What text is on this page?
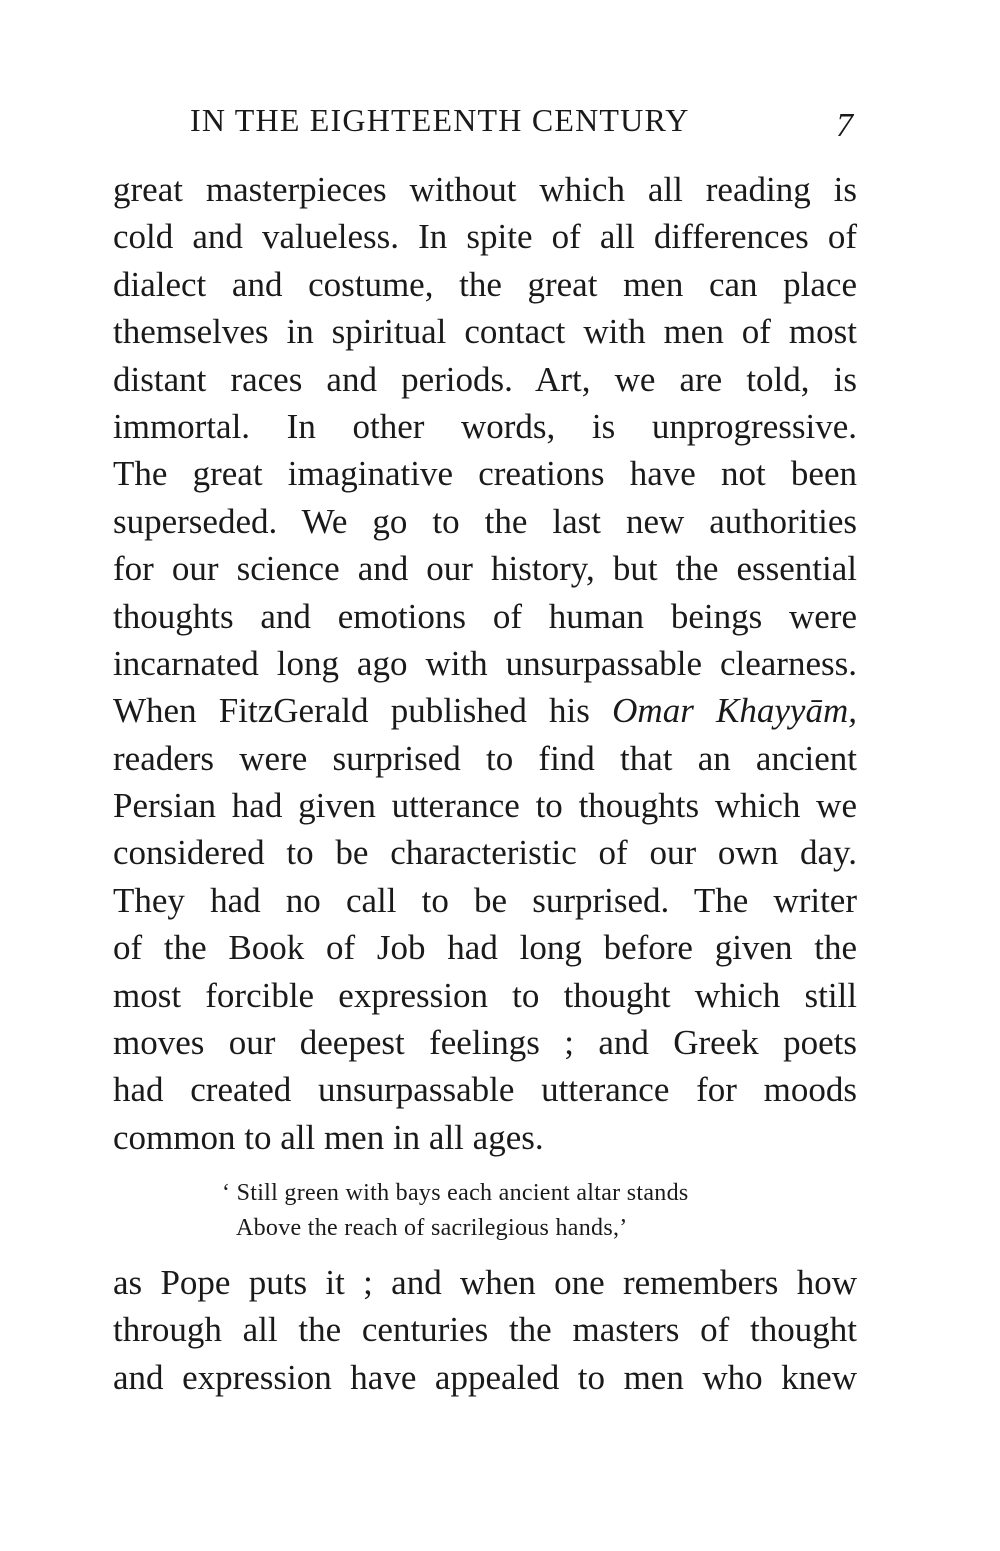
IN THE EIGHTEENTH CENTURY	7
great masterpieces without which all reading is
cold and valueless. In spite of all differences of
dialect and costume, the great men can place
themselves in spiritual contact with men of most
distant races and periods. Art, we are told, is
immortal. In other words, is unprogressive.
The great imaginative creations have not been
superseded. We go to the last new authorities
for our science and our history, but the essential
thoughts and emotions of human beings were
incarnated long ago with unsurpassable clearness.
When FitzGerald published his Omar Khayyām,
readers were surprised to find that an ancient
Persian had given utterance to thoughts which we
considered to be characteristic of our own day.
They had no call to be surprised. The writer
of the Book of Job had long before given the
most forcible expression to thought which still
moves our deepest feelings ; and Greek poets
had created unsurpassable utterance for moods
common to all men in all ages.
‘ Still green with bays each ancient altar stands
Above the reach of sacrilegious hands,’
as Pope puts it ; and when one remembers how
through all the centuries the masters of thought
and expression have appealed to men who knew
